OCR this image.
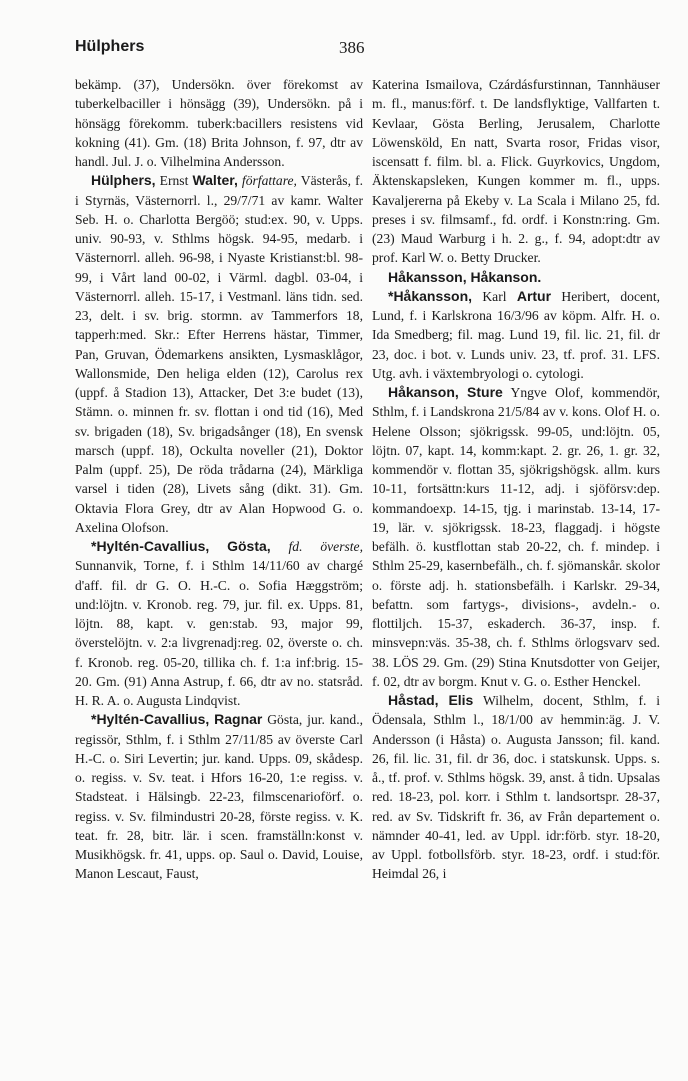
Hülphers	386

bekämp. (37), Undersökn. över förekomst av tuberkelbaciller i hönsägg (39), Undersökn. på i hönsägg förekomm. tuberk:bacillers resistens vid kokning (41). Gm. (18) Brita Johnson, f. 97, dtr av handl. Jul. J. o. Vilhelmina Andersson.

Hülphers, Ernst Walter, författare, Västerås, f. i Styrnäs, Västernorrl. l., 29/7/71 av kamr. Walter Seb. H. o. Charlotta Bergöö; stud:ex. 90, v. Upps. univ. 90-93, v. Sthlms högsk. 94-95, medarb. i Västernorrl. alleh. 96-98, i Nyaste Kristianst:bl. 98-99, i Vårt land 00-02, i Värml. dagbl. 03-04, i Västernorrl. alleh. 15-17, i Vestmanl. läns tidn. sed. 23, delt. i sv. brig. stormn. av Tammerfors 18, tapperh:med. Skr.: Efter Herrens hästar, Timmer, Pan, Gruvan, Ödemarkens ansikten, Lysmasklågor, Wallonsmide, Den heliga elden (12), Carolus rex (uppf. å Stadion 13), Attacker, Det 3:e budet (13), Stämn. o. minnen fr. sv. flottan i ond tid (16), Med sv. brigaden (18), Sv. brigadsånger (18), En svensk marsch (uppf. 18), Ockulta noveller (21), Doktor Palm (uppf. 25), De röda trådarna (24), Märkliga varsel i tiden (28), Livets sång (dikt. 31). Gm. Oktavia Flora Grey, dtr av Alan Hopwood G. o. Axelina Olofson.

*Hyltén-Cavallius, Gösta, fd. överste, Sunnanvik, Torne, f. i Sthlm 14/11/60 av chargé d'aff. fil. dr G. O. H.-C. o. Sofia Hæggström; und:löjtn. v. Kronob. reg. 79, jur. fil. ex. Upps. 81, löjtn. 88, kapt. v. gen:stab. 93, major 99, överstelöjtn. v. 2:a livgrenadj:reg. 02, överste o. ch. f. Kronob. reg. 05-20, tillika ch. f. 1:a inf:brig. 15-20. Gm. (91) Anna Astrup, f. 66, dtr av no. statsråd. H. R. A. o. Augusta Lindqvist.

*Hyltén-Cavallius, Ragnar Gösta, jur. kand., regissör, Sthlm, f. i Sthlm 27/11/85 av överste Carl H.-C. o. Siri Levertin; jur. kand. Upps. 09, skådesp. o. regiss. v. Sv. teat. i Hfors 16-20, 1:e regiss. v. Stadsteat. i Hälsingb. 22-23, filmscenarioförf. o. regiss. v. Sv. filmindustri 20-28, förste regiss. v. K. teat. fr. 28, bitr. lär. i scen. framställn:konst v. Musikhögsk. fr. 41, upps. op. Saul o. David, Louise, Manon Lescaut, Faust,

Katerina Ismailova, Czárdásfurstinnan, Tannhäuser m. fl., manus:förf. t. De landsflyktige, Vallfarten t. Kevlaar, Gösta Berling, Jerusalem, Charlotte Löwensköld, En natt, Svarta rosor, Fridas visor, iscensatt f. film. bl. a. Flick. Guyrkovics, Ungdom, Äktenskapsleken, Kungen kommer m. fl., upps. Kavaljererna på Ekeby v. La Scala i Milano 25, fd. preses i sv. filmsamf., fd. ordf. i Konstn:ring. Gm. (23) Maud Warburg i h. 2. g., f. 94, adopt:dtr av prof. Karl W. o. Betty Drucker.

Håkansson, Håkanson.

*Håkansson, Karl Artur Heribert, docent, Lund, f. i Karlskrona 16/3/96 av köpm. Alfr. H. o. Ida Smedberg; fil. mag. Lund 19, fil. lic. 21, fil. dr 23, doc. i bot. v. Lunds univ. 23, tf. prof. 31. LFS. Utg. avh. i växtembryologi o. cytologi.

Håkanson, Sture Yngve Olof, kommendör, Sthlm, f. i Landskrona 21/5/84 av v. kons. Olof H. o. Helene Olsson; sjökrigssk. 99-05, und:löjtn. 05, löjtn. 07, kapt. 14, komm:kapt. 2. gr. 26, 1. gr. 32, kommendör v. flottan 35, sjökrigshögsk. allm. kurs 10-11, fortsättn:kurs 11-12, adj. i sjöförsv:dep. kommandoexp. 14-15, tjg. i marinstab. 13-14, 17-19, lär. v. sjökrigssk. 18-23, flaggadj. i högste befälh. ö. kustflottan stab 20-22, ch. f. mindep. i Sthlm 25-29, kasernbefälh., ch. f. sjömanskår. skolor o. förste adj. h. stationsbefälh. i Karlskr. 29-34, befattn. som fartygs-, divisions-, avdeln.- o. flottiljch. 15-37, eskaderch. 36-37, insp. f. minsvepn:väs. 35-38, ch. f. Sthlms örlogsvarv sed. 38. LÖS 29. Gm. (29) Stina Knutsdotter von Geijer, f. 02, dtr av borgm. Knut v. G. o. Esther Henckel.

Håstad, Elis Wilhelm, docent, Sthlm, f. i Ödensala, Sthlm l., 18/1/00 av hemmin:äg. J. V. Andersson (i Håsta) o. Augusta Jansson; fil. kand. 26, fil. lic. 31, fil. dr 36, doc. i statskunsk. Upps. s. å., tf. prof. v. Sthlms högsk. 39, anst. å tidn. Upsalas red. 18-23, pol. korr. i Sthlm t. landsortspr. 28-37, red. av Sv. Tidskrift fr. 36, av Från departement o. nämnder 40-41, led. av Uppl. idr:förb. styr. 18-20, av Uppl. fotbollsförb. styr. 18-23, ordf. i stud:för. Heimdal 26, i
